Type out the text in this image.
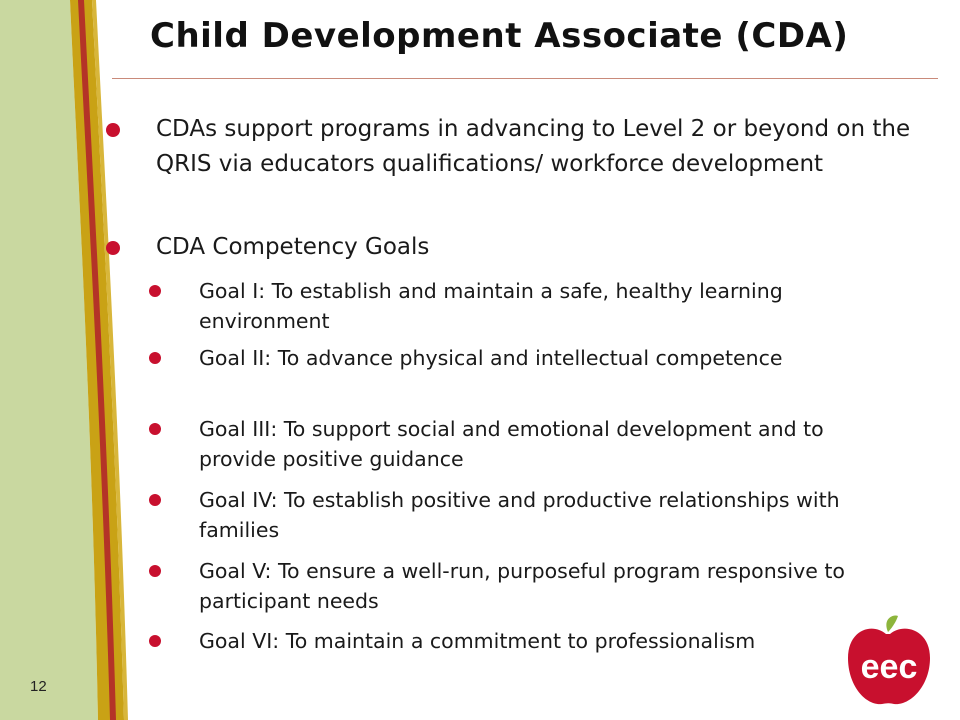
Child Development Associate (CDA)
CDAs support programs in advancing to Level 2 or beyond on the QRIS via educators qualifications/ workforce development
CDA Competency Goals
Goal I: To establish and maintain a safe, healthy learning environment
Goal II: To advance physical and intellectual competence
Goal III: To support social and emotional development and to provide positive guidance
Goal IV: To establish positive and productive relationships with families
Goal V: To ensure a well-run, purposeful program responsive to participant needs
Goal VI: To maintain a commitment to professionalism
12
eec
